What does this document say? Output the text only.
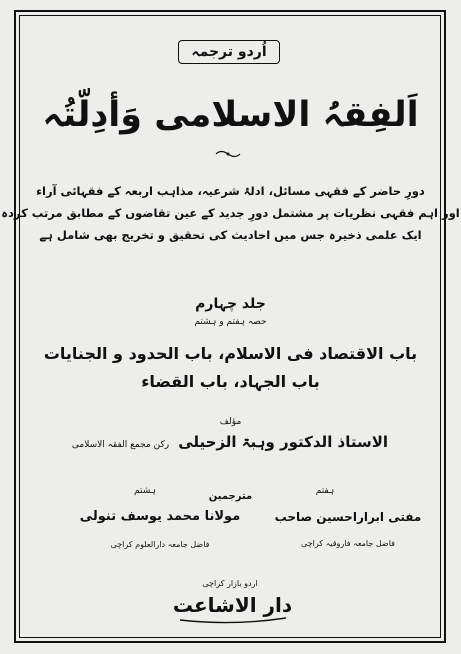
اُردو ترجمہ
اَلفِقہُ الاسلامی وَأدِلّتُہ
دورِ حاضر کے فقہی مسائل، ادلۂ شرعیہ، مذاہب اربعہ کے فقہائی آراء
اور اہم فقہی نظریات پر مشتمل دورِ جدید کے عین تقاضوں کے مطابق مرتب کردہ
ایک علمی ذخیرہ جس میں احادیث کی تحقیق و تخریج بھی شامل ہے
جلد چہارم
حصہ ہفتم و ہشتم
باب الاقتصاد فی الاسلام، باب الحدود و الجنایات
باب الجہاد، باب القضاء
مؤلف
الاستاذ الدکتور وہبۃ الزحیلی رکن مجمع الفقہ الاسلامی
مترجمین	ہفتم
مفتی ابراراحسین صاحب
فاضل جامعہ فاروقیہ کراچی
ہشتم
مولانا محمد یوسف تنولی
فاضل جامعہ دارالعلوم کراچی
اردو بازار کراچی
دار الاشاعت
